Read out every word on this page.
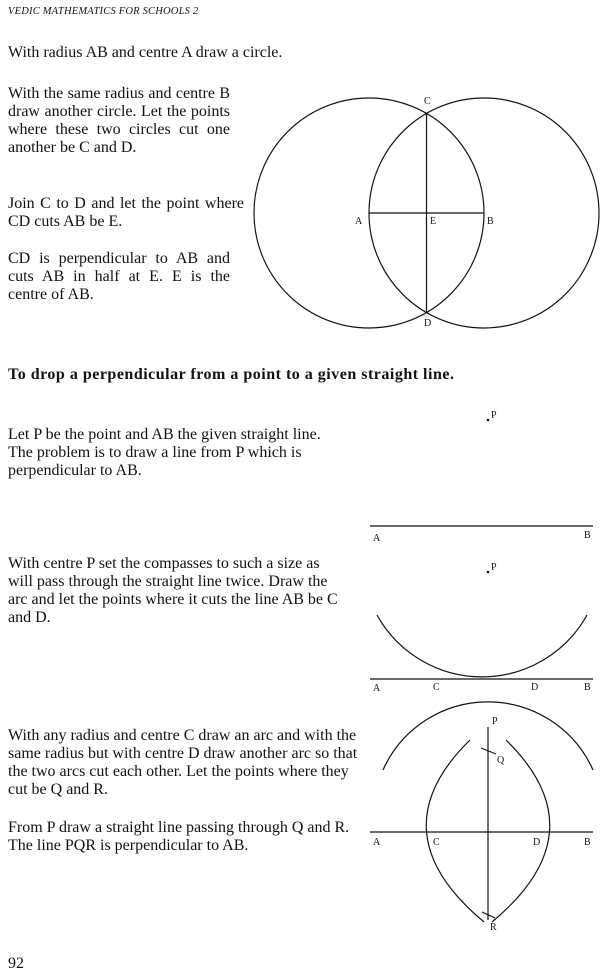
VEDIC MATHEMATICS FOR SCHOOLS 2

With radius AB and centre A draw a circle.

With the same radius and centre B draw another circle. Let the points where these two circles cut one another be C and D.

Join C to D and let the point where CD cuts AB be E.

CD is perpendicular to AB and cuts AB in half at E. E is the centre of AB.

C
D
A	B
E
To drop a perpendicular from a point to a given straight line.

Let P be the point and AB the given straight line. The problem is to draw a line from P which is perpendicular to AB.

With centre P set the compasses to such a size as will pass through the straight line twice. Draw the arc and let the points where it cuts the line AB be C and D.

With any radius and centre C draw an arc and with the same radius but with centre D draw another arc so that the two arcs cut each other. Let the points where they cut be Q and R.

From P draw a straight line passing through Q and R. The line PQR is perpendicular to AB.

P
A	B
P
A	C	D	B
P
Q
R
A	C	D	B
92
